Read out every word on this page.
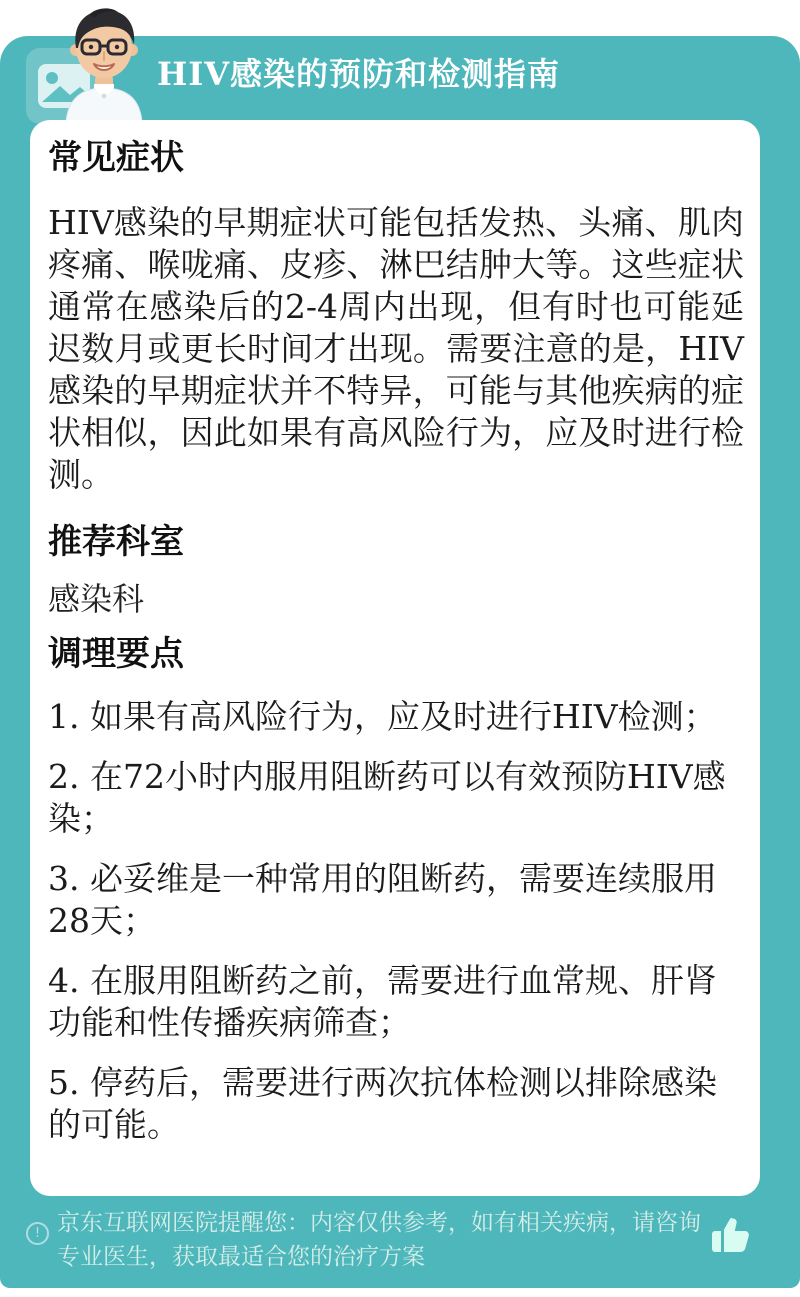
HIV感染的预防和检测指南
常见症状

HIV感染的早期症状可能包括发热、头痛、肌肉疼痛、喉咙痛、皮疹、淋巴结肿大等。这些症状通常在感染后的2-4周内出现，但有时也可能延迟数月或更长时间才出现。需要注意的是，HIV感染的早期症状并不特异，可能与其他疾病的症状相似，因此如果有高风险行为，应及时进行检测。

推荐科室

感染科

调理要点

1. 如果有高风险行为，应及时进行HIV检测；

2. 在72小时内服用阻断药可以有效预防HIV感染；

3. 必妥维是一种常用的阻断药，需要连续服用28天；

4. 在服用阻断药之前，需要进行血常规、肝肾功能和性传播疾病筛查；

5. 停药后，需要进行两次抗体检测以排除感染的可能。

! 京东互联网医院提醒您：内容仅供参考，如有相关疾病，请咨询专业医生，获取最适合您的治疗方案
